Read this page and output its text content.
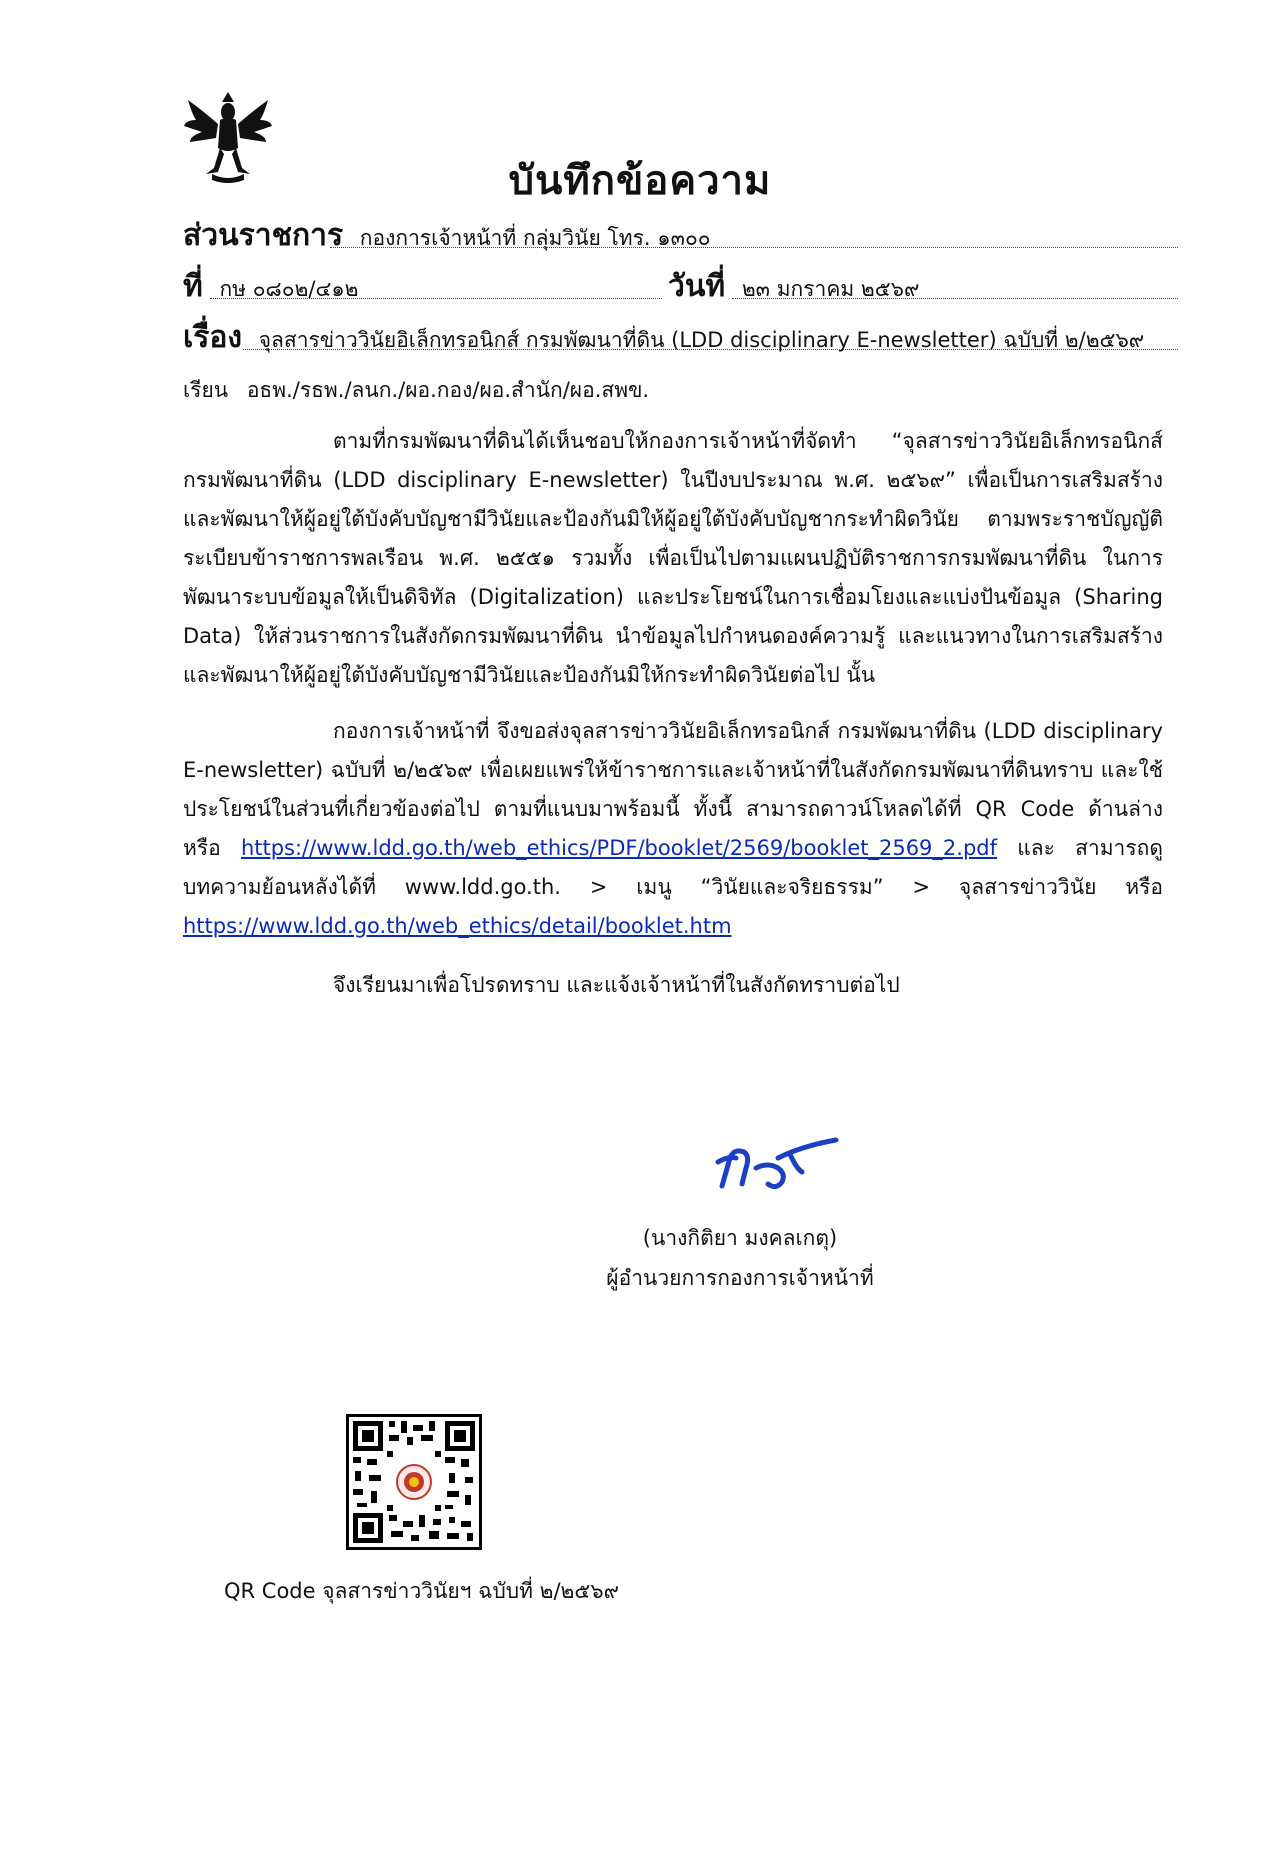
บันทึกข้อความ
ส่วนราชการ กองการเจ้าหน้าที่ กลุ่มวินัย โทร. ๑๓๐๐
ที่ กษ ๐๘๐๒/๔๑๒	วันที่ ๒๓ มกราคม ๒๕๖๙
เรื่อง จุลสารข่าววินัยอิเล็กทรอนิกส์ กรมพัฒนาที่ดิน (LDD disciplinary E-newsletter) ฉบับที่ ๒/๒๕๖๙
เรียน อธพ./รธพ./ลนก./ผอ.กอง/ผอ.สำนัก/ผอ.สพข.
ตามที่กรมพัฒนาที่ดินได้เห็นชอบให้กองการเจ้าหน้าที่จัดทำ “จุลสารข่าววินัยอิเล็กทรอนิกส์ กรมพัฒนาที่ดิน (LDD disciplinary E-newsletter) ในปีงบประมาณ พ.ศ. ๒๕๖๙” เพื่อเป็นการเสริมสร้างและพัฒนาให้ผู้อยู่ใต้บังคับบัญชามีวินัยและป้องกันมิให้ผู้อยู่ใต้บังคับบัญชากระทำผิดวินัย ตามพระราชบัญญัติระเบียบข้าราชการพลเรือน พ.ศ. ๒๕๕๑ รวมทั้ง เพื่อเป็นไปตามแผนปฏิบัติราชการกรมพัฒนาที่ดิน ในการพัฒนาระบบข้อมูลให้เป็นดิจิทัล (Digitalization) และประโยชน์ในการเชื่อมโยงและแบ่งปันข้อมูล (Sharing Data) ให้ส่วนราชการในสังกัดกรมพัฒนาที่ดิน นำข้อมูลไปกำหนดองค์ความรู้ และแนวทางในการเสริมสร้างและพัฒนาให้ผู้อยู่ใต้บังคับบัญชามีวินัยและป้องกันมิให้กระทำผิดวินัยต่อไป นั้น
กองการเจ้าหน้าที่ จึงขอส่งจุลสารข่าววินัยอิเล็กทรอนิกส์ กรมพัฒนาที่ดิน (LDD disciplinary E-newsletter) ฉบับที่ ๒/๒๕๖๙ เพื่อเผยแพร่ให้ข้าราชการและเจ้าหน้าที่ในสังกัดกรมพัฒนาที่ดินทราบ และใช้ประโยชน์ในส่วนที่เกี่ยวข้องต่อไป ตามที่แนบมาพร้อมนี้ ทั้งนี้ สามารถดาวน์โหลดได้ที่ QR Code ด้านล่าง หรือ https://www.ldd.go.th/web_ethics/PDF/booklet/2569/booklet_2569_2.pdf และ สามารถดูบทความย้อนหลังได้ที่ www.ldd.go.th. > เมนู “วินัยและจริยธรรม” > จุลสารข่าววินัย หรือ https://www.ldd.go.th/web_ethics/detail/booklet.htm
จึงเรียนมาเพื่อโปรดทราบ และแจ้งเจ้าหน้าที่ในสังกัดทราบต่อไป
(นางกิติยา มงคลเกตุ)
ผู้อำนวยการกองการเจ้าหน้าที่
QR Code จุลสารข่าววินัยฯ ฉบับที่ ๒/๒๕๖๙
